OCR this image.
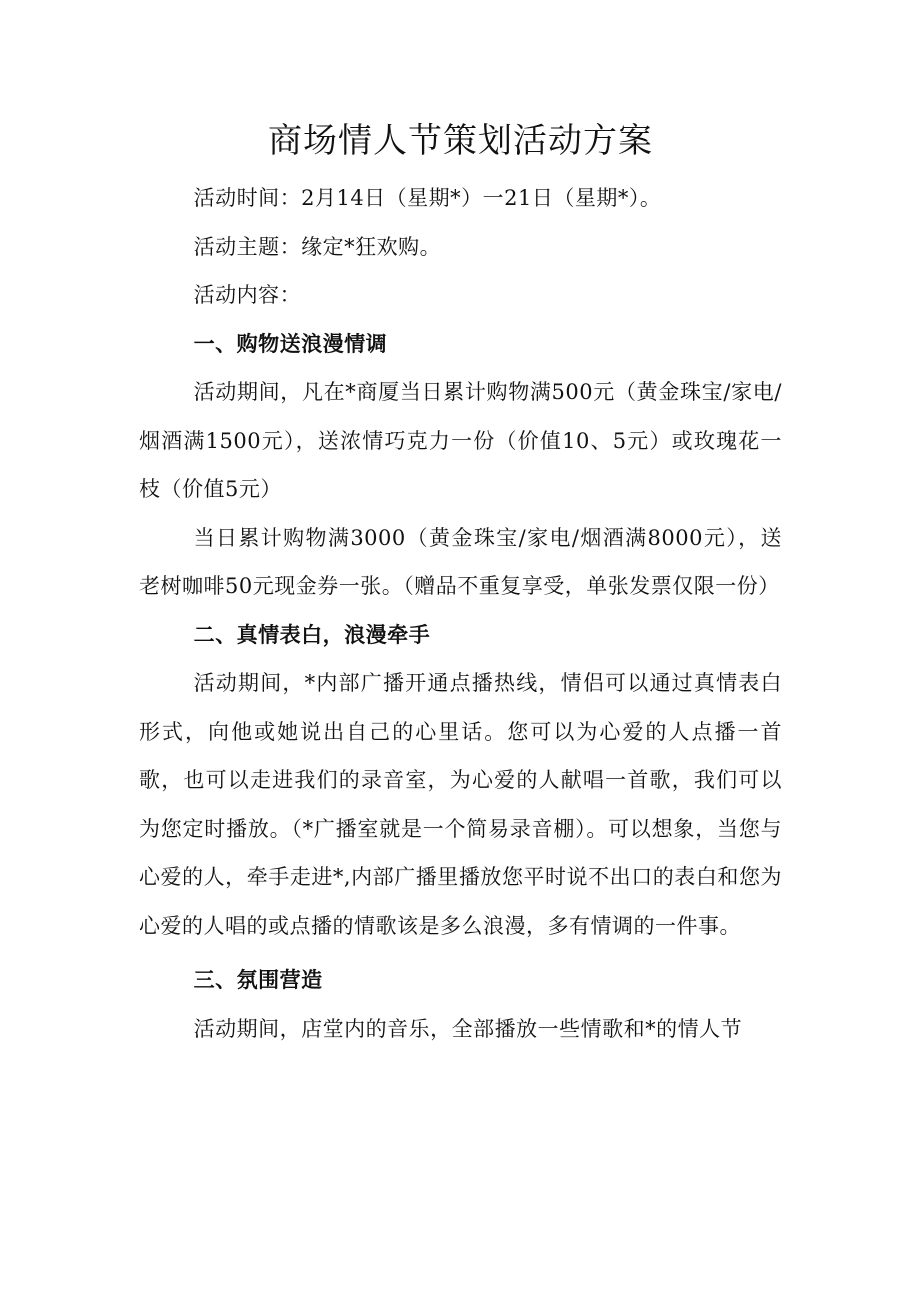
商场情人节策划活动方案

活动时间：2月14日（星期*）一21日（星期*）。

活动主题：缘定*狂欢购。

活动内容：

一、购物送浪漫情调

活动期间，凡在*商厦当日累计购物满500元（黄金珠宝/家电/烟酒满1500元），送浓情巧克力一份（价值10、5元）或玫瑰花一枝（价值5元）

当日累计购物满3000（黄金珠宝/家电/烟酒满8000元），送老树咖啡50元现金券一张。（赠品不重复享受，单张发票仅限一份）

二、真情表白，浪漫牵手

活动期间，*内部广播开通点播热线，情侣可以通过真情表白形式，向他或她说出自己的心里话。您可以为心爱的人点播一首歌，也可以走进我们的录音室，为心爱的人献唱一首歌，我们可以为您定时播放。（*广播室就是一个简易录音棚）。可以想象，当您与心爱的人，牵手走进*,内部广播里播放您平时说不出口的表白和您为心爱的人唱的或点播的情歌该是多么浪漫，多有情调的一件事。

三、氛围营造

活动期间，店堂内的音乐，全部播放一些情歌和*的情人节
